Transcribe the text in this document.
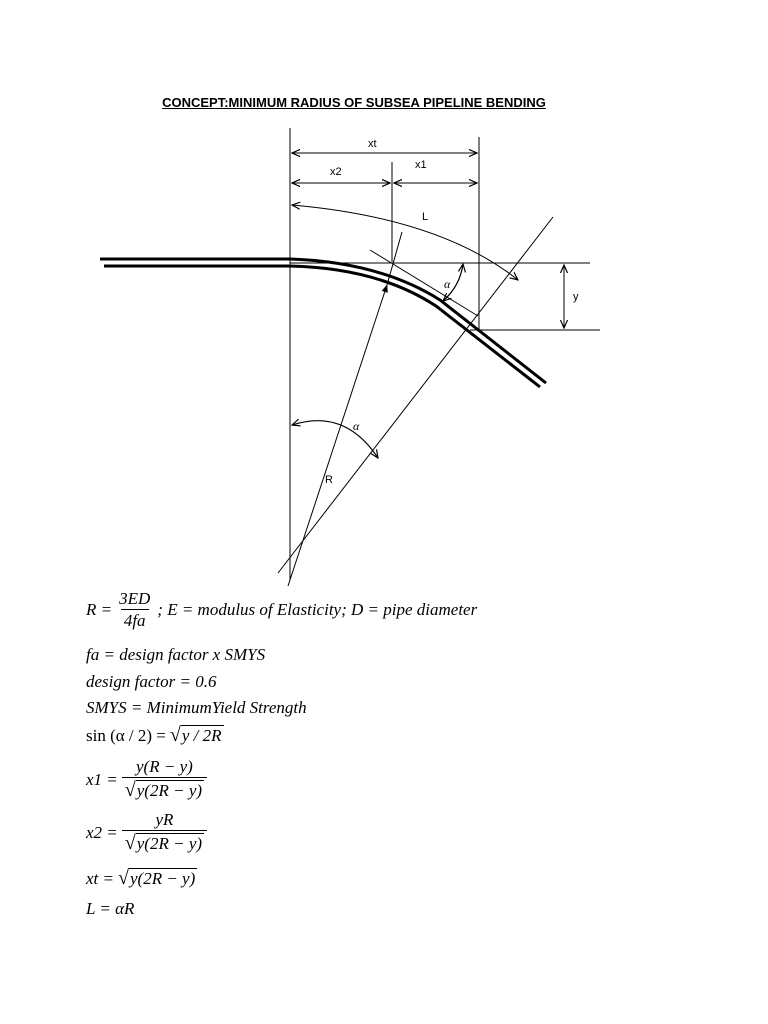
CONCEPT:MINIMUM RADIUS OF SUBSEA PIPELINE BENDING
xt
x2
x1
L
y
R
α
α
$R = \frac{3ED}{4fa}$ ; E = modulus of Elasticity; D = pipe diameter
fa = design factor x SMYS
design factor = 0.6
SMYS = MinimumYield Strength
sin (α / 2) = √ y / 2R
$x1 = \frac{y(R - y)}{√ y(2R - y)}$
$x2 = \frac{yR}{√ y(2R - y)}$
xt = √ y(2R − y)
L = αR
